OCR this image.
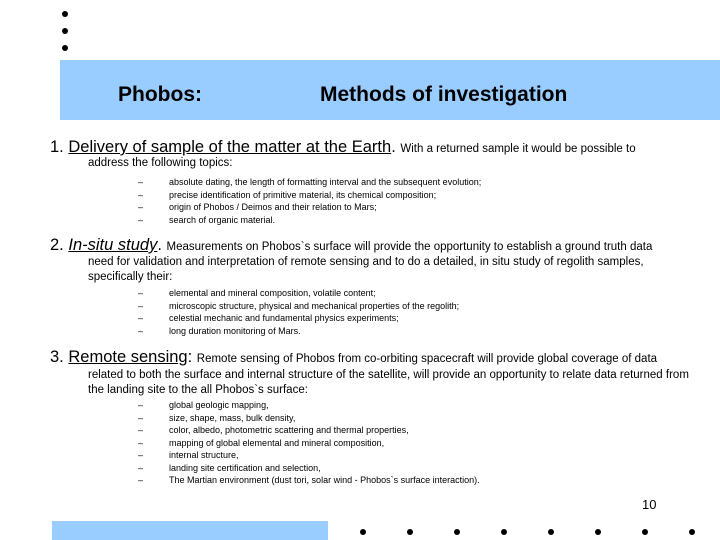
Phobos:	Methods of investigation
1. Delivery of sample of the matter at the Earth. With a returned sample it would be possible to
address the following topics:
–	absolute dating, the length of formatting interval and the subsequent evolution;
–	precise identification of primitive material, its chemical composition;
–	origin of Phobos / Deimos and their relation to Mars;
–	search of organic material.
2. In-situ study. Measurements on Phobos`s surface will provide the opportunity to establish a ground truth data
need for validation and interpretation of remote sensing and to do a detailed, in situ study of regolith samples, specifically their:
–	elemental and mineral composition, volatile content;
–	microscopic structure, physical and mechanical properties of the regolith;
–	celestial mechanic and fundamental physics experiments;
–	long duration monitoring of Mars.
3. Remote sensing: Remote sensing of Phobos from co-orbiting spacecraft will provide global coverage of data
related to both the surface and internal structure of the satellite, will provide an opportunity to relate data returned from the landing site to the all Phobos`s surface:
–	global geologic mapping,
–	size, shape, mass, bulk density,
–	color, albedo, photometric scattering and thermal properties,
–	mapping of global elemental and mineral composition,
–	internal structure,
–	landing site certification and selection,
–	The Martian environment (dust tori, solar wind - Phobos`s surface interaction).
10
